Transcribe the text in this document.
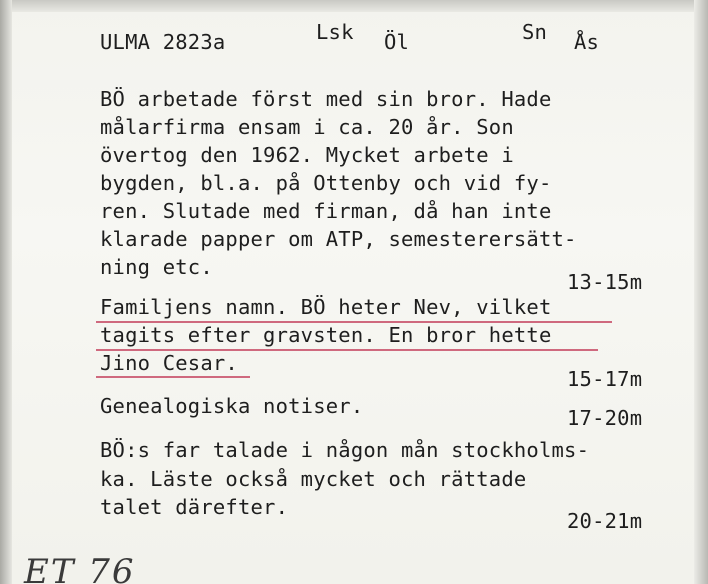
ULMA 2823a	Lsk Öl	Sn Ås
BÖ arbetade först med sin bror. Hade
målarfirma ensam i ca. 20 år. Son
övertog den 1962. Mycket arbete i
bygden, bl.a. på Ottenby och vid fy-
ren. Slutade med firman, då han inte
klarade papper om ATP, semesterersätt-
ning etc.
13-15m
Familjens namn. BÖ heter Nev, vilket
tagits efter gravsten. En bror hette
Jino Cesar.
15-17m
Genealogiska notiser.	17-20m
BÖ:s far talade i någon mån stockholms-
ka. Läste också mycket och rättade
talet därefter.
20-21m
ET 76
